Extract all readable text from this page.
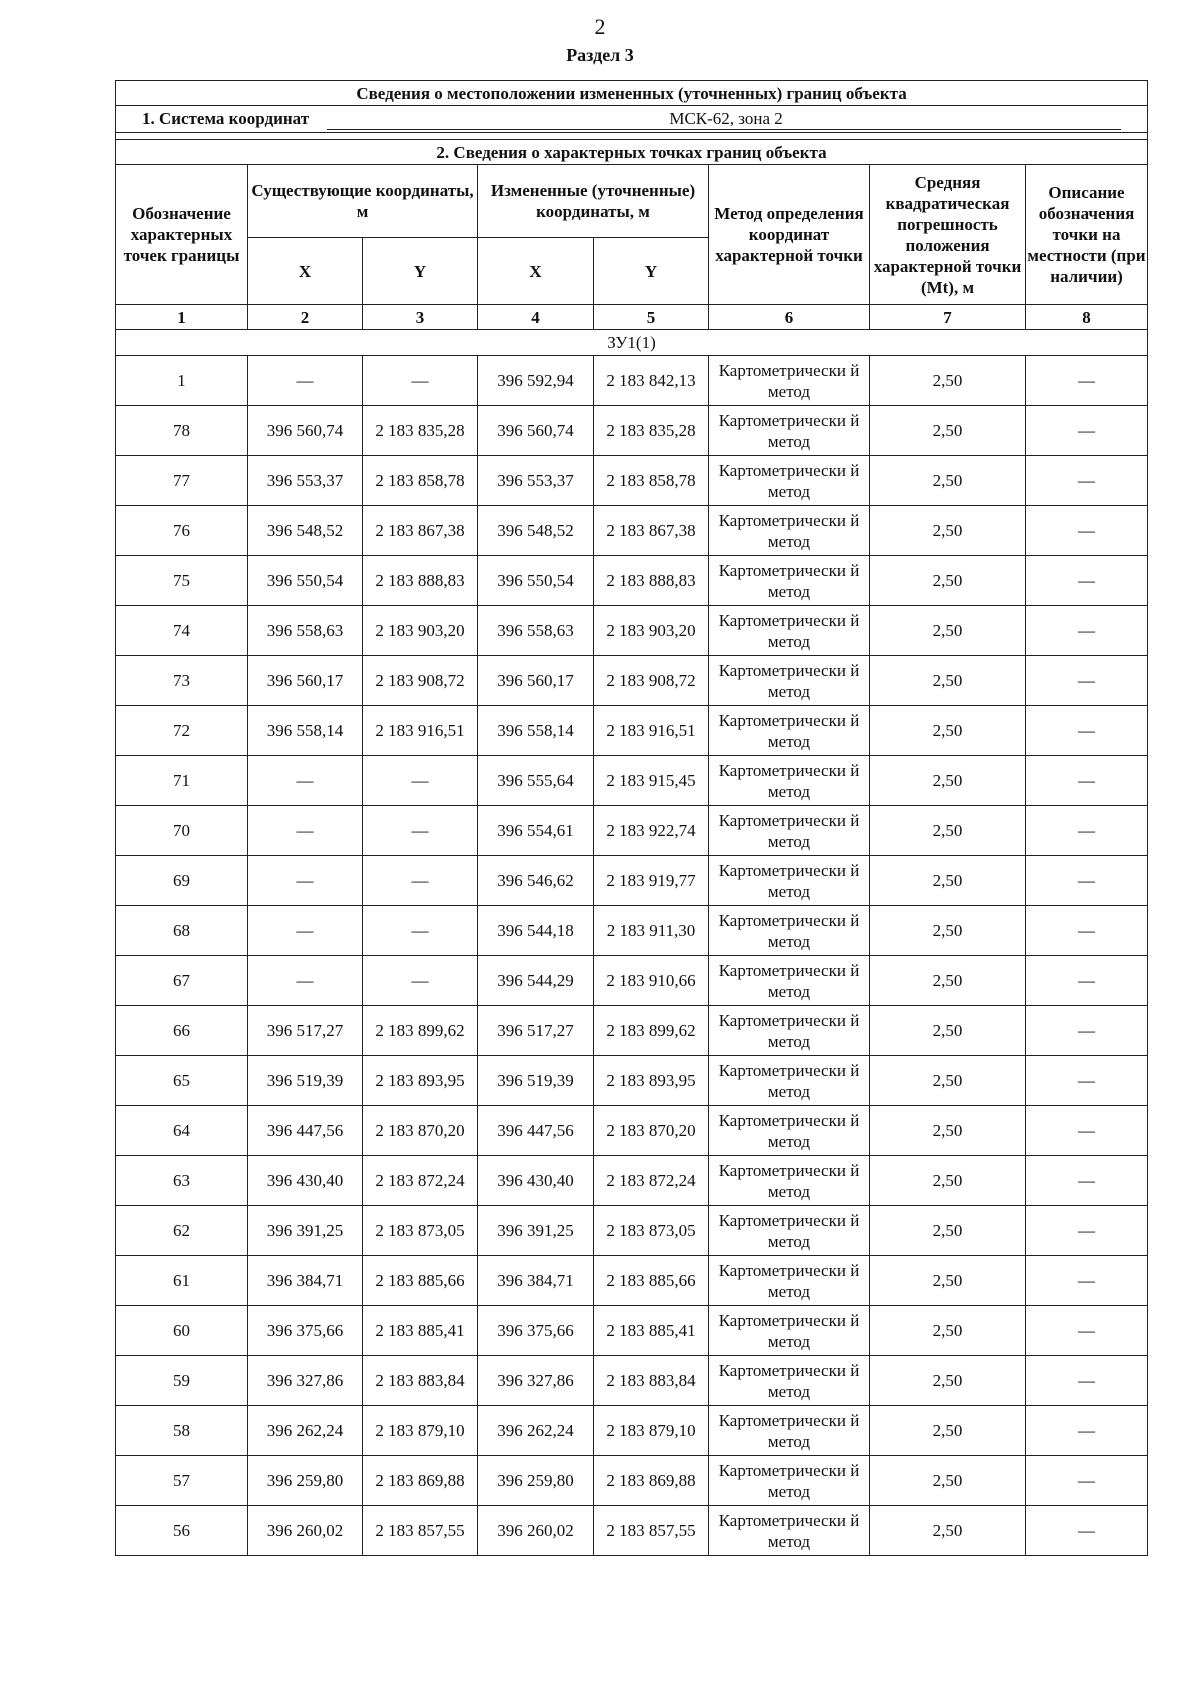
2
Раздел 3
Сведения о местоположении измененных (уточненных) границ объекта							
1. Система координат МСК-62, зона 2							

2. Сведения о характерных точках границ объекта							
Обозначение характерных точек границы	Существующие координаты, м		Измененные (уточненные) координаты, м		Метод определения координат характерной точки	Средняя квадратическая погрешность положения характерной точки (Mt), м	Описание обозначения точки на местности (при наличии)
	X	Y	X	Y			
1	2	3	4	5	6	7	8
ЗУ1(1)							
1	—	—	396 592,94	2 183 842,13	Картометрически й метод	2,50	—
78	396 560,74	2 183 835,28	396 560,74	2 183 835,28	Картометрически й метод	2,50	—
77	396 553,37	2 183 858,78	396 553,37	2 183 858,78	Картометрически й метод	2,50	—
76	396 548,52	2 183 867,38	396 548,52	2 183 867,38	Картометрически й метод	2,50	—
75	396 550,54	2 183 888,83	396 550,54	2 183 888,83	Картометрически й метод	2,50	—
74	396 558,63	2 183 903,20	396 558,63	2 183 903,20	Картометрически й метод	2,50	—
73	396 560,17	2 183 908,72	396 560,17	2 183 908,72	Картометрически й метод	2,50	—
72	396 558,14	2 183 916,51	396 558,14	2 183 916,51	Картометрически й метод	2,50	—
71	—	—	396 555,64	2 183 915,45	Картометрически й метод	2,50	—
70	—	—	396 554,61	2 183 922,74	Картометрически й метод	2,50	—
69	—	—	396 546,62	2 183 919,77	Картометрически й метод	2,50	—
68	—	—	396 544,18	2 183 911,30	Картометрически й метод	2,50	—
67	—	—	396 544,29	2 183 910,66	Картометрически й метод	2,50	—
66	396 517,27	2 183 899,62	396 517,27	2 183 899,62	Картометрически й метод	2,50	—
65	396 519,39	2 183 893,95	396 519,39	2 183 893,95	Картометрически й метод	2,50	—
64	396 447,56	2 183 870,20	396 447,56	2 183 870,20	Картометрически й метод	2,50	—
63	396 430,40	2 183 872,24	396 430,40	2 183 872,24	Картометрически й метод	2,50	—
62	396 391,25	2 183 873,05	396 391,25	2 183 873,05	Картометрически й метод	2,50	—
61	396 384,71	2 183 885,66	396 384,71	2 183 885,66	Картометрически й метод	2,50	—
60	396 375,66	2 183 885,41	396 375,66	2 183 885,41	Картометрически й метод	2,50	—
59	396 327,86	2 183 883,84	396 327,86	2 183 883,84	Картометрически й метод	2,50	—
58	396 262,24	2 183 879,10	396 262,24	2 183 879,10	Картометрически й метод	2,50	—
57	396 259,80	2 183 869,88	396 259,80	2 183 869,88	Картометрически й метод	2,50	—
56	396 260,02	2 183 857,55	396 260,02	2 183 857,55	Картометрически й метод	2,50	—
